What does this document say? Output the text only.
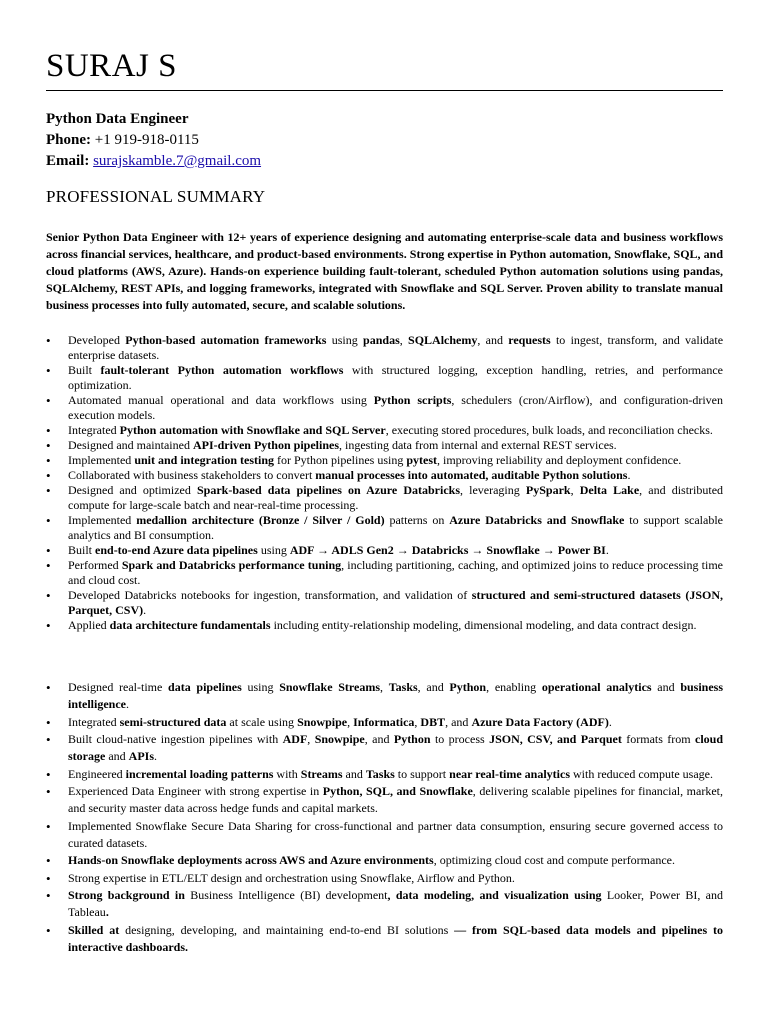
SURAJ S
Python Data Engineer
Phone: +1 919-918-0115
Email: surajskamble.7@gmail.com
PROFESSIONAL SUMMARY

Senior Python Data Engineer with 12+ years of experience designing and automating enterprise-scale data and business workflows across financial services, healthcare, and product-based environments. Strong expertise in Python automation, Snowflake, SQL, and cloud platforms (AWS, Azure). Hands-on experience building fault-tolerant, scheduled Python automation solutions using pandas, SQLAlchemy, REST APIs, and logging frameworks, integrated with Snowflake and SQL Server. Proven ability to translate manual business processes into fully automated, secure, and scalable solutions.

• Developed Python-based automation frameworks using pandas, SQLAlchemy, and requests to ingest, transform, and validate enterprise datasets.
• Built fault-tolerant Python automation workflows with structured logging, exception handling, retries, and performance optimization.
• Automated manual operational and data workflows using Python scripts, schedulers (cron/Airflow), and configuration-driven execution models.
• Integrated Python automation with Snowflake and SQL Server, executing stored procedures, bulk loads, and reconciliation checks.
• Designed and maintained API-driven Python pipelines, ingesting data from internal and external REST services.
• Implemented unit and integration testing for Python pipelines using pytest, improving reliability and deployment confidence.
• Collaborated with business stakeholders to convert manual processes into automated, auditable Python solutions.
• Designed and optimized Spark-based data pipelines on Azure Databricks, leveraging PySpark, Delta Lake, and distributed compute for large-scale batch and near-real-time processing.
• Implemented medallion architecture (Bronze / Silver / Gold) patterns on Azure Databricks and Snowflake to support scalable analytics and BI consumption.
• Built end-to-end Azure data pipelines using ADF → ADLS Gen2 → Databricks → Snowflake → Power BI.
• Performed Spark and Databricks performance tuning, including partitioning, caching, and optimized joins to reduce processing time and cloud cost.
• Developed Databricks notebooks for ingestion, transformation, and validation of structured and semi-structured datasets (JSON, Parquet, CSV).
• Applied data architecture fundamentals including entity-relationship modeling, dimensional modeling, and data contract design.
• Designed real-time data pipelines using Snowflake Streams, Tasks, and Python, enabling operational analytics and business intelligence.
• Integrated semi-structured data at scale using Snowpipe, Informatica, DBT, and Azure Data Factory (ADF).
• Built cloud-native ingestion pipelines with ADF, Snowpipe, and Python to process JSON, CSV, and Parquet formats from cloud storage and APIs.
• Engineered incremental loading patterns with Streams and Tasks to support near real-time analytics with reduced compute usage.
• Experienced Data Engineer with strong expertise in Python, SQL, and Snowflake, delivering scalable pipelines for financial, market, and security master data across hedge funds and capital markets.
• Implemented Snowflake Secure Data Sharing for cross-functional and partner data consumption, ensuring secure governed access to curated datasets.
• Hands-on Snowflake deployments across AWS and Azure environments, optimizing cloud cost and compute performance.
• Strong expertise in ETL/ELT design and orchestration using Snowflake, Airflow and Python.
• Strong background in Business Intelligence (BI) development, data modeling, and visualization using Looker, Power BI, and Tableau.
• Skilled at designing, developing, and maintaining end-to-end BI solutions — from SQL-based data models and pipelines to interactive dashboards.
